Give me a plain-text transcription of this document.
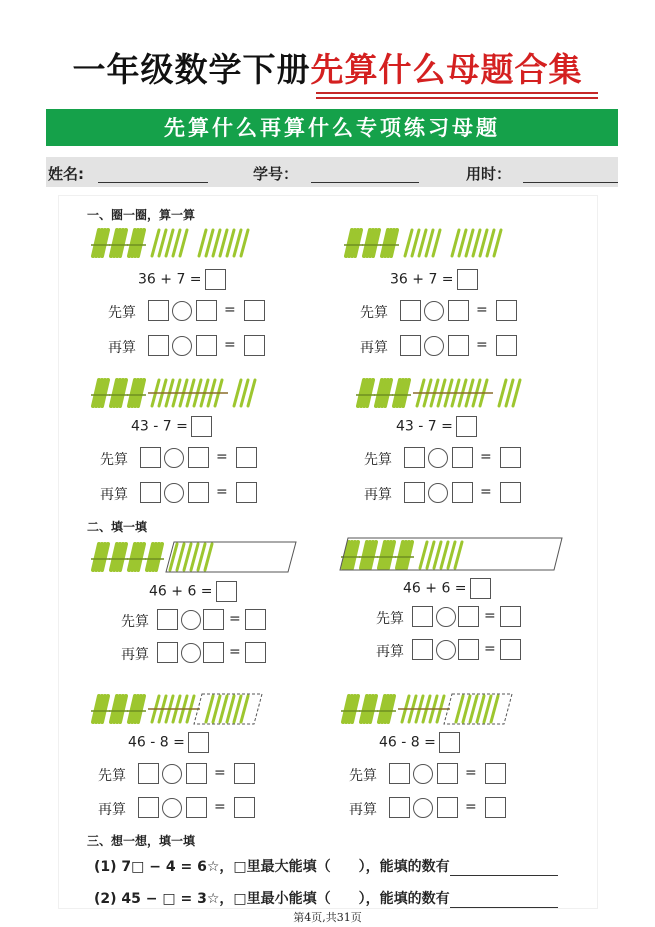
一年级数学下册先算什么母题合集
先算什么再算什么专项练习母题
姓名:	学号：	用时：
一、圈一圈，算一算
二、填一填
三、想一想，填一填
36 + 7 =
先算	=
再算	=
36 + 7 =
先算	=
再算	=
43 - 7 =
先算	=
再算	=
43 - 7 =
先算	=
再算	=
46 + 6 =
先算	=
再算	=
46 + 6 =
先算	=
再算	=
46 - 8 =
先算	=
再算	=
46 - 8 =
先算	=
再算	=
(1) 7□ − 4 = 6☆，□里最大能填（　　），能填的数有
(2) 45 − □ = 3☆，□里最小能填（　　），能填的数有
第4页,共31页
